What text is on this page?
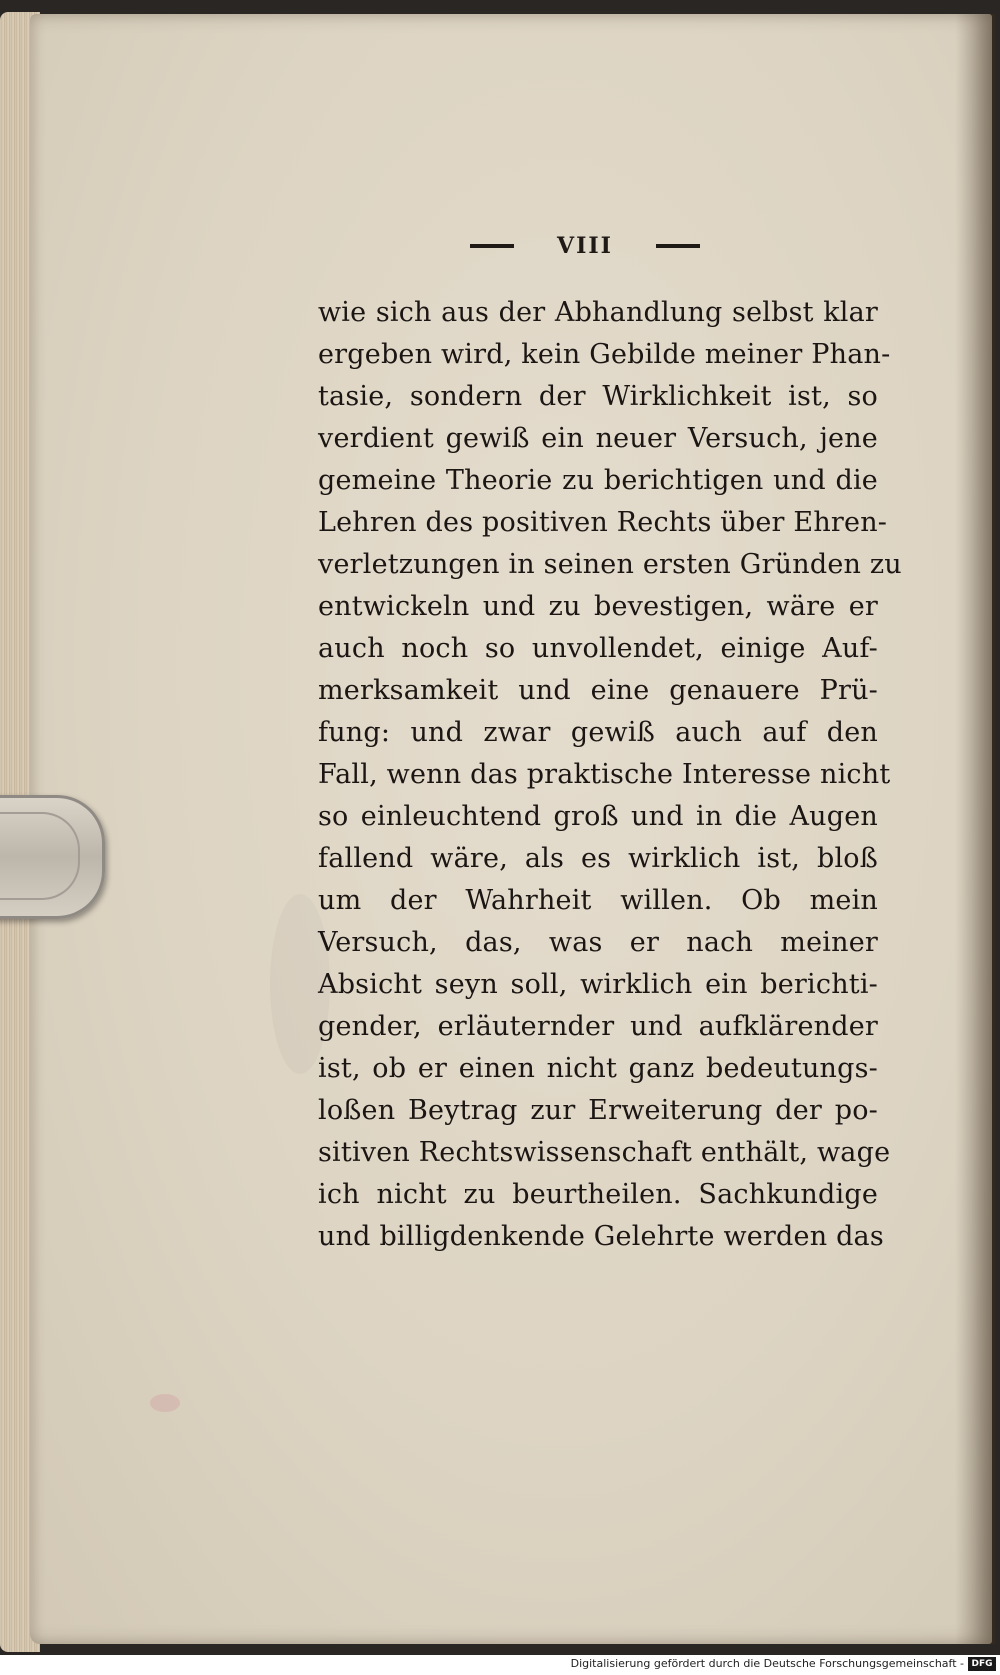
VIII
wie sich aus der Abhandlung selbst klar
ergeben wird, kein Gebilde meiner Phan-
tasie, sondern der Wirklichkeit ist, so
verdient gewiß ein neuer Versuch, jene
gemeine Theorie zu berichtigen und die
Lehren des positiven Rechts über Ehren-
verletzungen in seinen ersten Gründen zu
entwickeln und zu bevestigen, wäre er
auch noch so unvollendet, einige Auf-
merksamkeit und eine genauere Prü-
fung: und zwar gewiß auch auf den
Fall, wenn das praktische Interesse nicht
so einleuchtend groß und in die Augen
fallend wäre, als es wirklich ist, bloß
um der Wahrheit willen. Ob mein
Versuch, das, was er nach meiner
Absicht seyn soll, wirklich ein berichti-
gender, erläuternder und aufklärender
ist, ob er einen nicht ganz bedeutungs-
loßen Beytrag zur Erweiterung der po-
sitiven Rechtswissenschaft enthält, wage
ich nicht zu beurtheilen. Sachkundige
und billigdenkende Gelehrte werden das
Digitalisierung gefördert durch die Deutsche Forschungsgemeinschaft - DFG
